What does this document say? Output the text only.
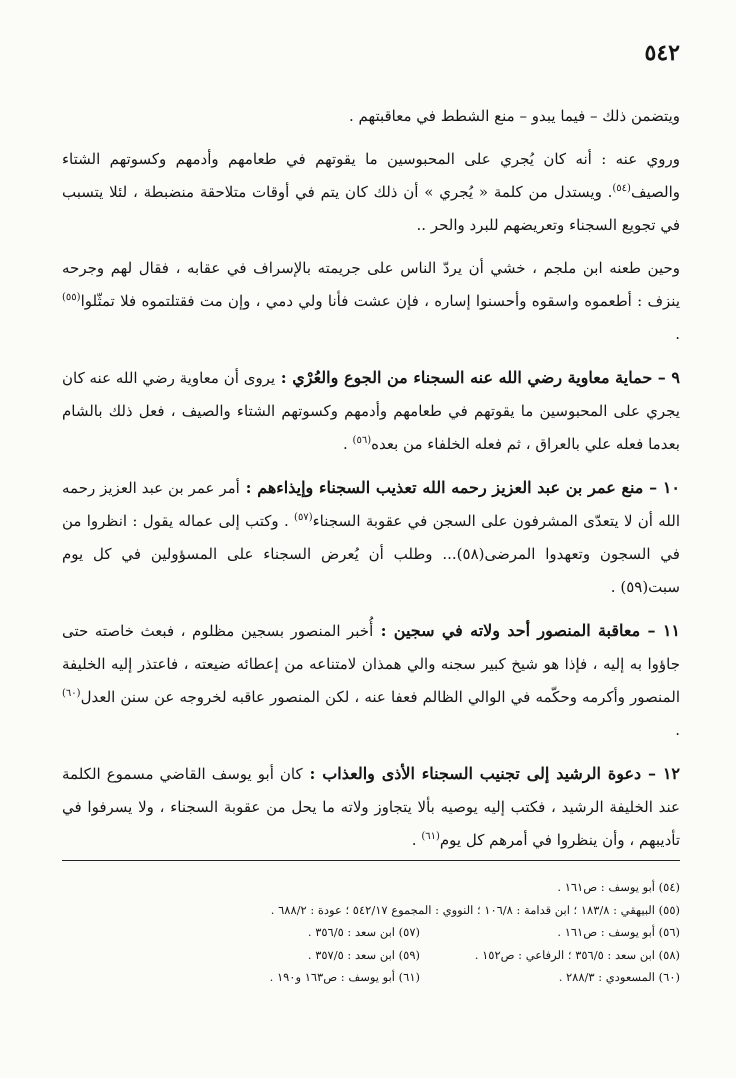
٥٤٢

ويتضمن ذلك – فيما يبدو – منع الشطط في معاقبتهم .

وروي عنه : أنه كان يُجري على المحبوسين ما يقوتهم في طعامهم وأدمهم وكسوتهم الشتاء والصيف$^{(٥٤)}$. ويستدل من كلمة « يُجري » أن ذلك كان يتم في أوقات متلاحقة منضبطة ، لئلا يتسبب في تجويع السجناء وتعريضهم للبرد والحر ..

وحين طعنه ابن ملجم ، خشي أن يردّ الناس على جريمته بالإسراف في عقابه ، فقال لهم وجرحه ينزف : أطعموه واسقوه وأحسنوا إساره ، فإن عشت فأنا ولي دمي ، وإن مت فقتلتموه فلا تمثّلوا$^{(٥٥)}$ .

٩ – حماية معاوية رضي الله عنه السجناء من الجوع والعُرْي : يروى أن معاوية رضي الله عنه كان يجري على المحبوسين ما يقوتهم في طعامهم وأدمهم وكسوتهم الشتاء والصيف ، فعل ذلك بالشام بعدما فعله علي بالعراق ، ثم فعله الخلفاء من بعده$^{(٥٦)}$ .

١٠ – منع عمر بن عبد العزيز رحمه الله تعذيب السجناء وإيذاءهم : أمر عمر بن عبد العزيز رحمه الله أن لا يتعدّى المشرفون على السجن في عقوبة السجناء$^{(٥٧)}$ . وكتب إلى عماله يقول : انظروا من في السجون وتعهدوا المرضى(٥٨)... وطلب أن يُعرض السجناء على المسؤولين في كل يوم سبت(٥٩) .

١١ – معاقبة المنصور أحد ولاته في سجين : أُخبر المنصور بسجين مظلوم ، فبعث خاصته حتى جاؤوا به إليه ، فإذا هو شيخ كبير سجنه والي همذان لامتناعه من إعطائه ضيعته ، فاعتذر إليه الخليفة المنصور وأكرمه وحكّمه في الوالي الظالم فعفا عنه ، لكن المنصور عاقبه لخروجه عن سنن العدل$^{(٦٠)}$ .

١٢ – دعوة الرشيد إلى تجنيب السجناء الأذى والعذاب : كان أبو يوسف القاضي مسموع الكلمة عند الخليفة الرشيد ، فكتب إليه يوصيه بألا يتجاوز ولاته ما يحل من عقوبة السجناء ، ولا يسرفوا في تأديبهم ، وأن ينظروا في أمرهم كل يوم$^{(٦١)}$ .

(٥٤) أبو يوسف : ص١٦١ .
(٥٥) البيهقي : ١٨٣/٨ ؛ ابن قدامة : ١٠٦/٨ ؛ النووي : المجموع ٥٤٢/١٧ ؛ عودة : ٦٨٨/٢ .
(٥٦) أبو يوسف : ص١٦١ .
(٥٧) ابن سعد : ٣٥٦/٥ .
(٥٨) ابن سعد : ٣٥٦/٥ ؛ الرفاعي : ص١٥٢ .
(٥٩) ابن سعد : ٣٥٧/٥ .
(٦٠) المسعودي : ٢٨٨/٣ .
(٦١) أبو يوسف : ص١٦٣ و١٩٠ .
